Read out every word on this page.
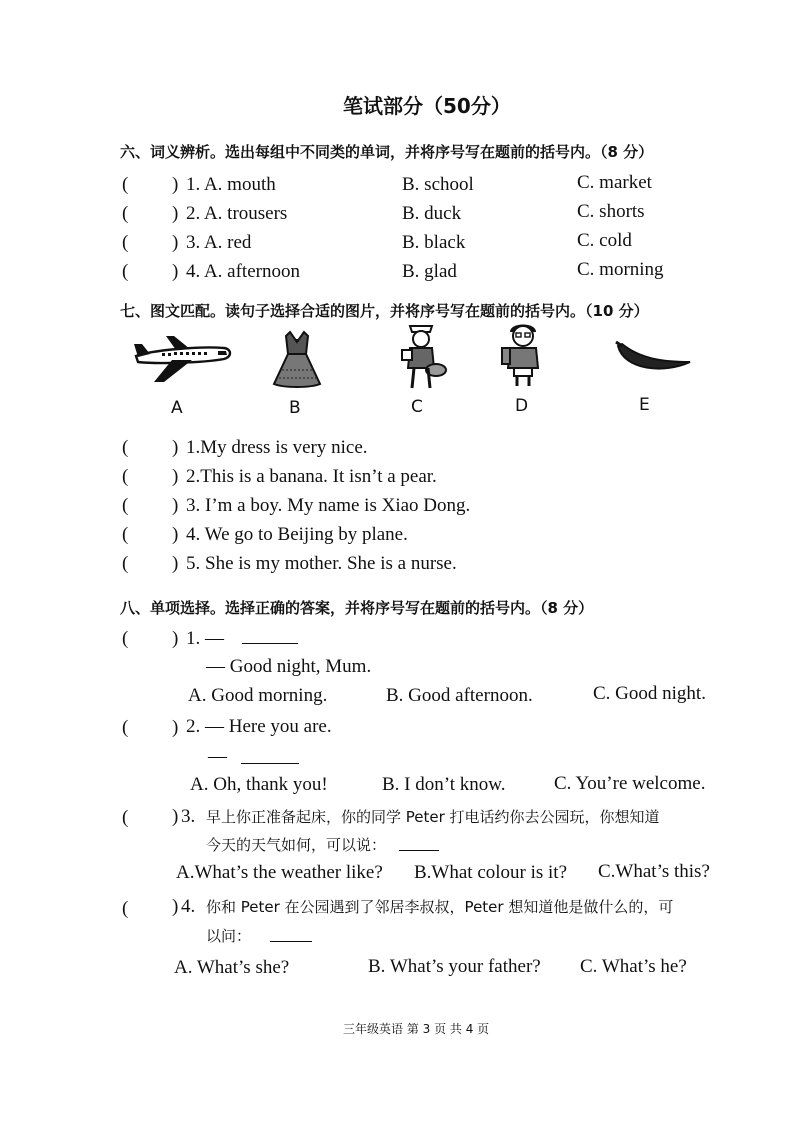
笔试部分（50分）
六、词义辨析。选出每组中不同类的单词，并将序号写在题前的括号内。（8 分）
( ) 1. A. mouth	B. school	C. market
( ) 2. A. trousers	B. duck	C. shorts
( ) 3. A. red	B. black	C. cold
( ) 4. A. afternoon	B. glad	C. morning
七、图文匹配。读句子选择合适的图片，并将序号写在题前的括号内。（10 分）
A	B	C	D	E
( ) 1.My dress is very nice.
( ) 2.This is a banana. It isn’t a pear.
( ) 3. I’m a boy. My name is Xiao Dong.
( ) 4. We go to Beijing by plane.
( ) 5. She is my mother. She is a nurse.
八、单项选择。选择正确的答案，并将序号写在题前的括号内。（8 分）
( ) 1. —
— Good night, Mum.
A. Good morning.	B. Good afternoon.	C. Good night.
( ) 2. — Here you are.
—
A. Oh, thank you!	B. I don’t know.	C. You’re welcome.
( ) 3. 早上你正准备起床，你的同学 Peter 打电话约你去公园玩，你想知道
今天的天气如何，可以说：
A.What’s the weather like? B.What colour is it? C.What’s this?
( ) 4. 你和 Peter 在公园遇到了邻居李叔叔，Peter 想知道他是做什么的，可
以问：
A. What’s she?	B. What’s your father? C. What’s he?
三年级英语 第 3 页 共 4 页
